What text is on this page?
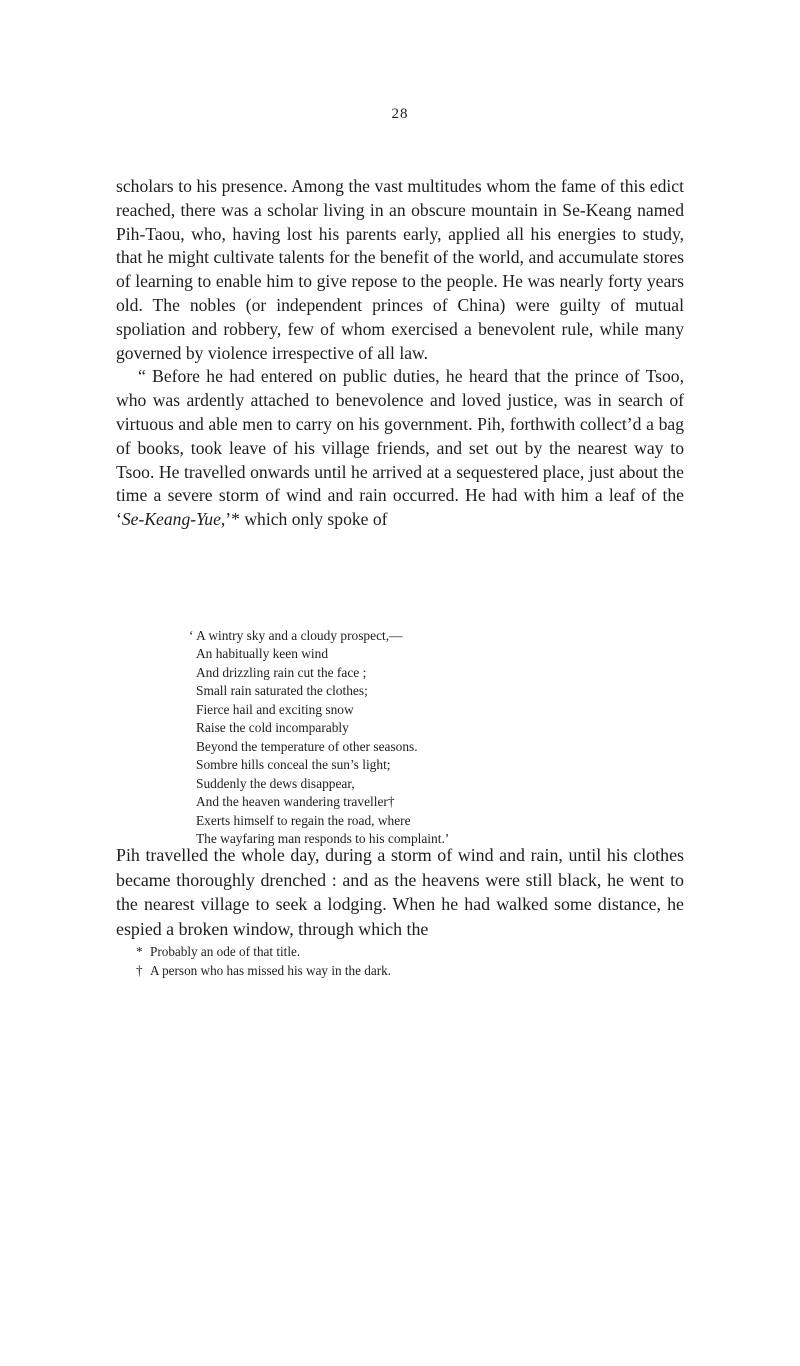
28

scholars to his presence. Among the vast multitudes whom the fame of this edict reached, there was a scholar living in an obscure mountain in Se-Keang named Pih-Taou, who, having lost his parents early, applied all his energies to study, that he might cultivate talents for the benefit of the world, and accumulate stores of learning to enable him to give repose to the people. He was nearly forty years old. The nobles (or independent princes of China) were guilty of mutual spoliation and robbery, few of whom exercised a benevolent rule, while many governed by violence irrespective of all law.

“ Before he had entered on public duties, he heard that the prince of Tsoo, who was ardently attached to benevolence and loved justice, was in search of virtuous and able men to carry on his government. Pih, forthwith collect’d a bag of books, took leave of his village friends, and set out by the nearest way to Tsoo. He travelled onwards until he arrived at a sequestered place, just about the time a severe storm of wind and rain occurred. He had with him a leaf of the ‘Se-Keang-Yue,’* which only spoke of

‘ A wintry sky and a cloudy prospect,—
An habitually keen wind
And drizzling rain cut the face ;
Small rain saturated the clothes;
Fierce hail and exciting snow
Raise the cold incomparably
Beyond the temperature of other seasons.
Sombre hills conceal the sun’s light;
Suddenly the dews disappear,
And the heaven wandering traveller†
Exerts himself to regain the road, where
The wayfaring man responds to his complaint.’

Pih travelled the whole day, during a storm of wind and rain, until his clothes became thoroughly drenched : and as the heavens were still black, he went to the nearest village to seek a lodging. When he had walked some distance, he espied a broken window, through which the

* Probably an ode of that title.
† A person who has missed his way in the dark.
